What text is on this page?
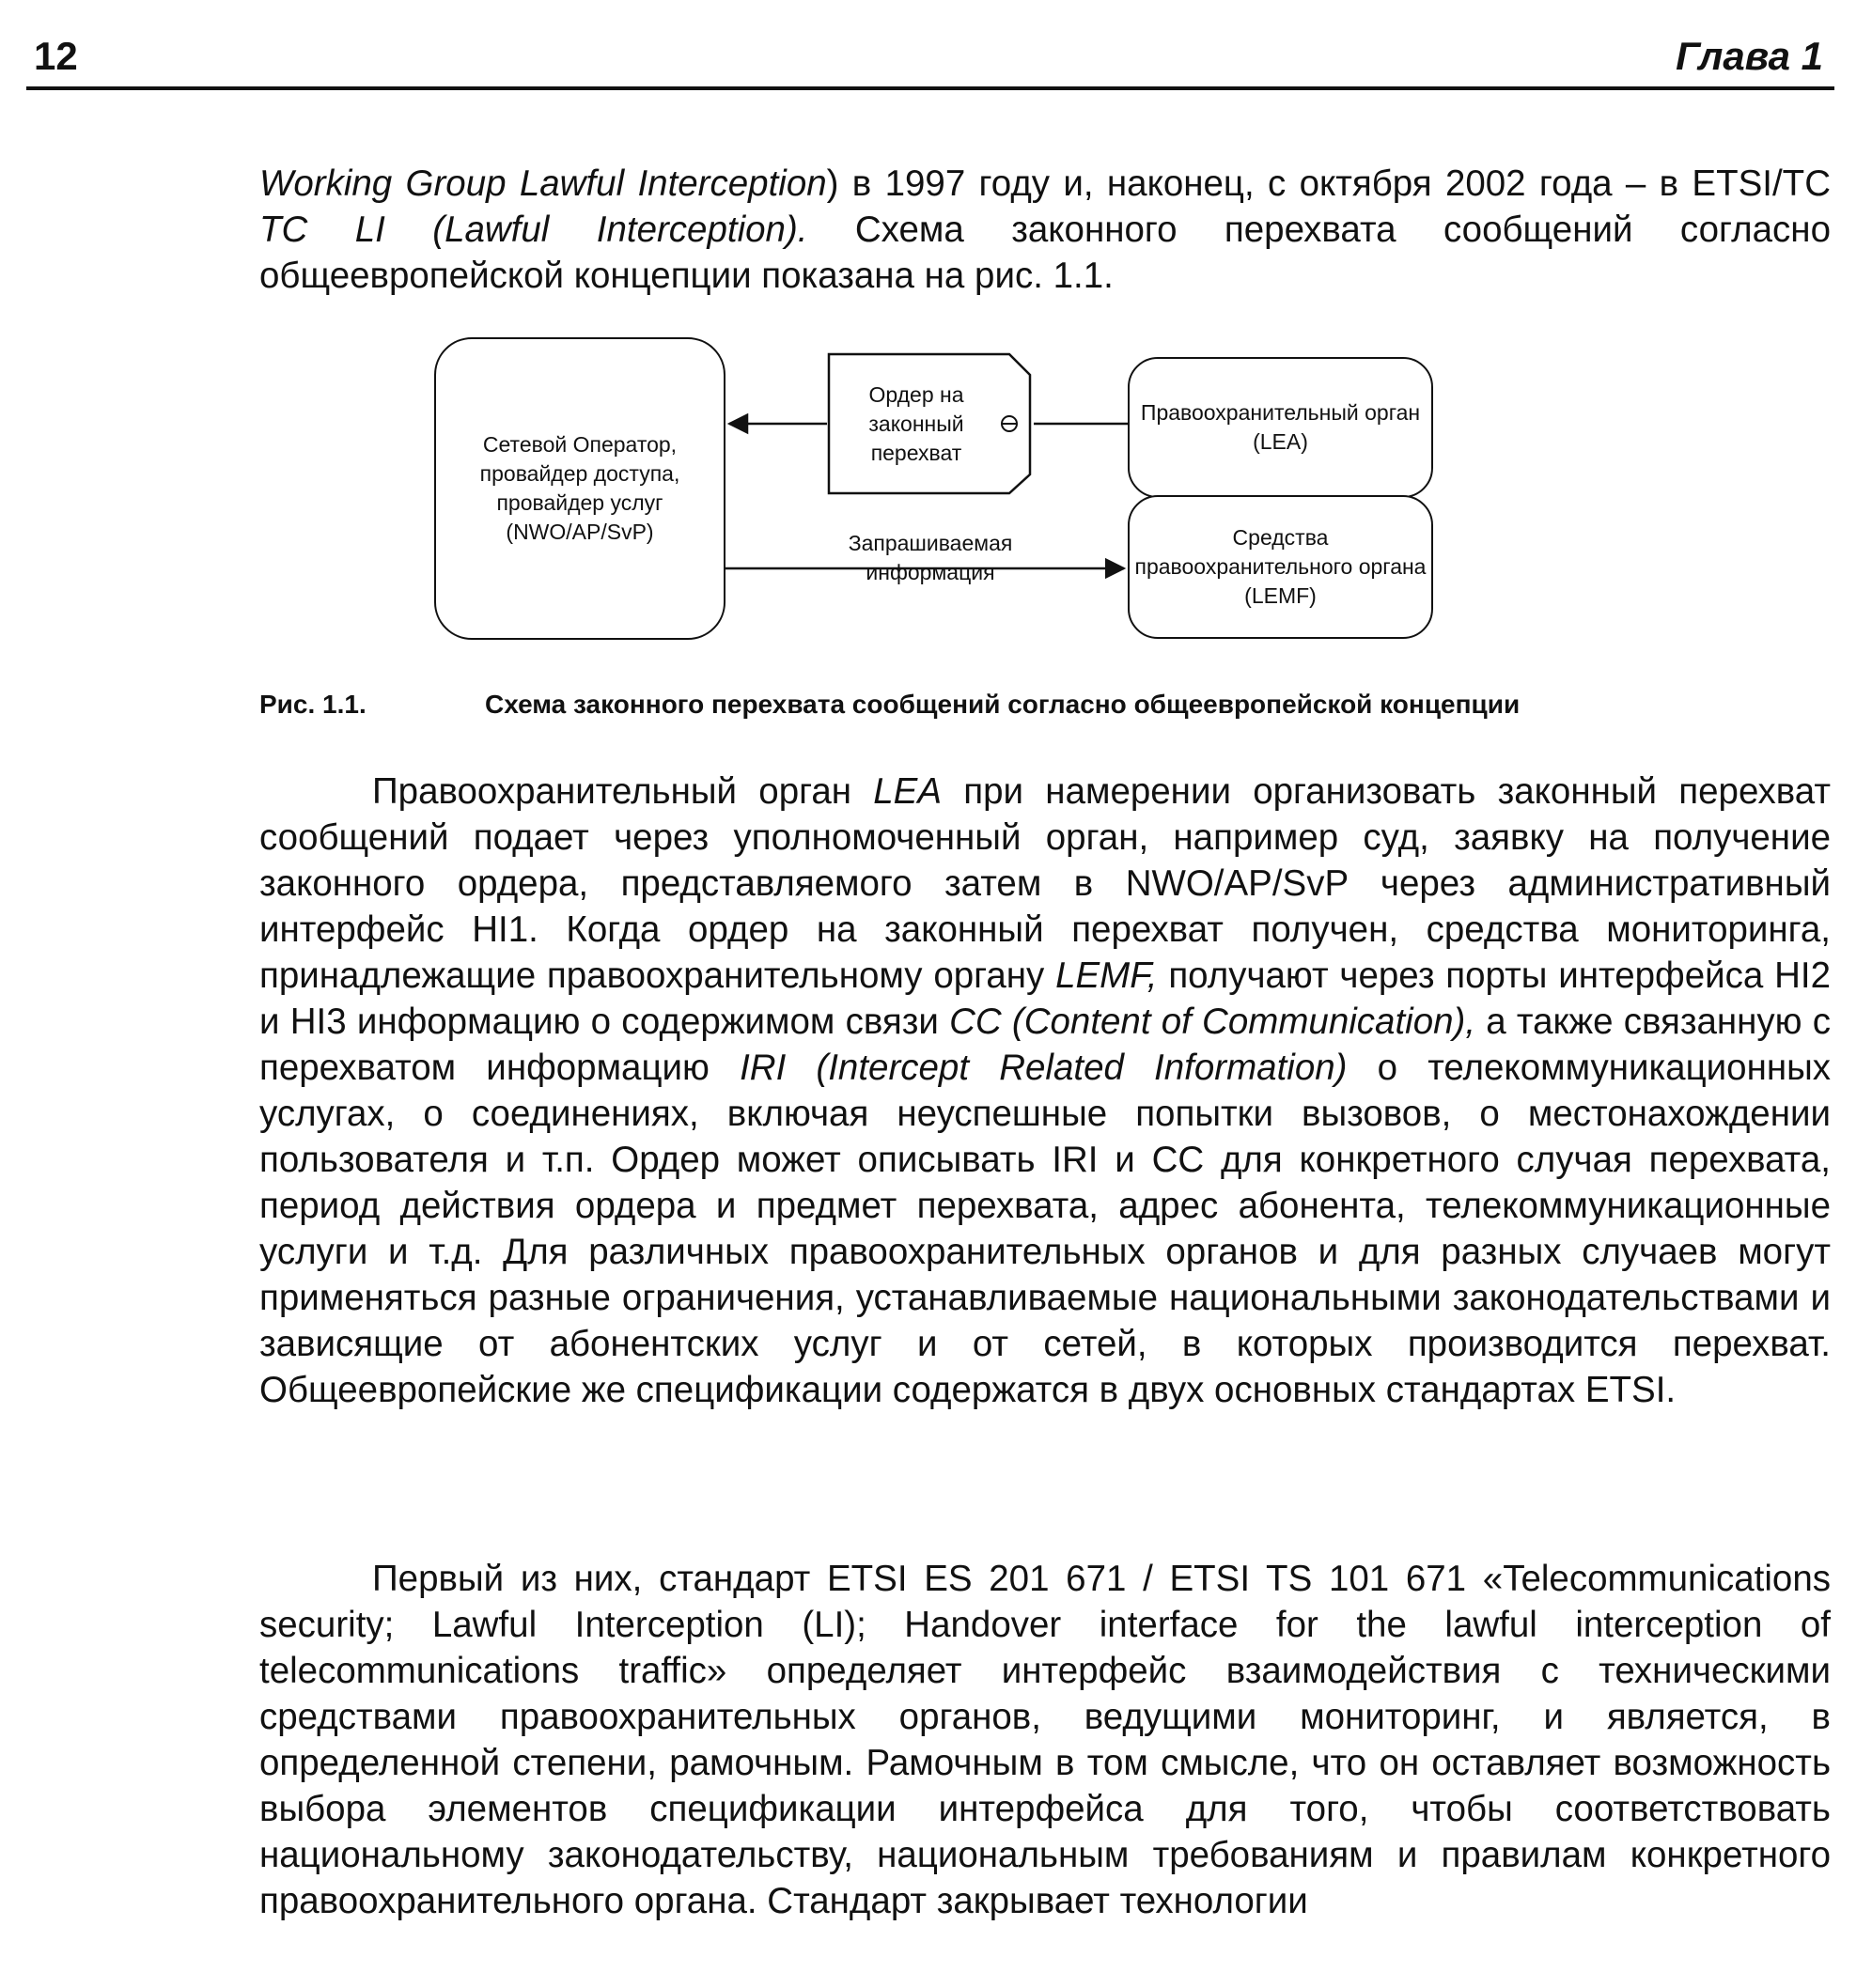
12	Глава 1

Working Group Lawful Interception) в 1997 году и, наконец, с октября 2002 года – в ETSI/TC TC LI (Lawful Interception). Схема законного перехвата сообщений согласно общеевропейской концепции показана на рис. 1.1.

Сетевой Оператор, провайдер доступа, провайдер услуг (NWO/AP/SvP)
Ордер на законный перехват
Правоохранительный орган (LEA)
Средства правоохранительного органа (LEMF)
Запрашиваемая информация
Рис. 1.1.	Схема законного перехвата сообщений согласно общеевропейской концепции

Правоохранительный орган LEA при намерении организовать законный перехват сообщений подает через уполномоченный орган, например суд, заявку на получение законного ордера, представляемого затем в NWO/AP/SvP через административный интерфейс HI1. Когда ордер на законный перехват получен, средства мониторинга, принадлежащие правоохранительному органу LEMF, получают через порты интерфейса HI2 и HI3 информацию о содержимом связи CC (Content of Communication), а также связанную с перехватом информацию IRI (Intercept Related Information) о телекоммуникационных услугах, о соединениях, включая неуспешные попытки вызовов, о местонахождении пользователя и т.п. Ордер может описывать IRI и CC для конкретного случая перехвата, период действия ордера и предмет перехвата, адрес абонента, телекоммуникационные услуги и т.д. Для различных правоохранительных органов и для разных случаев могут применяться разные ограничения, устанавливаемые национальными законодательствами и зависящие от абонентских услуг и от сетей, в которых производится перехват. Общеевропейские же спецификации содержатся в двух основных стандартах ETSI.

Первый из них, стандарт ETSI ES 201 671 / ETSI TS 101 671 «Telecommunications security; Lawful Interception (LI); Handover interface for the lawful interception of telecommunications traffic» определяет интерфейс взаимодействия с техническими средствами правоохранительных органов, ведущими мониторинг, и является, в определенной степени, рамочным. Рамочным в том смысле, что он оставляет возможность выбора элементов спецификации интерфейса для того, чтобы соответствовать национальному законодательству, национальным требованиям и правилам конкретного правоохранительного органа. Стандарт закрывает технологии
